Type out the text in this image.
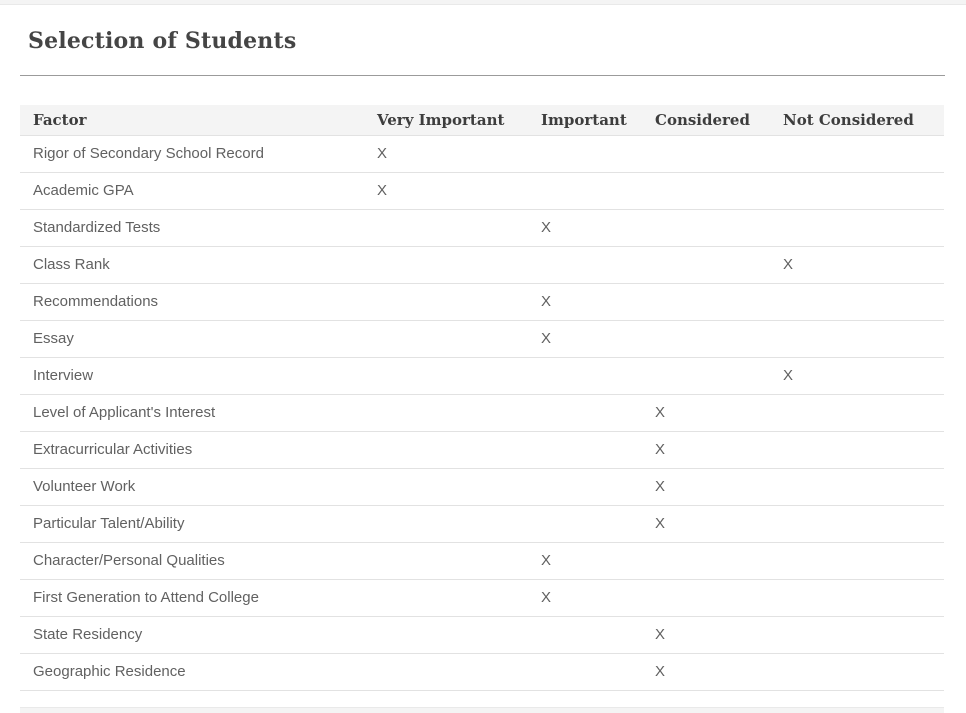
Selection of Students
Factor	Very Important	Important	Considered	Not Considered
Rigor of Secondary School Record	X			
Academic GPA	X			
Standardized Tests		X		
Class Rank				X
Recommendations		X		
Essay		X		
Interview				X
Level of Applicant's Interest			X	
Extracurricular Activities			X	
Volunteer Work			X	
Particular Talent/Ability			X	
Character/Personal Qualities		X		
First Generation to Attend College		X		
State Residency			X	
Geographic Residence			X	
